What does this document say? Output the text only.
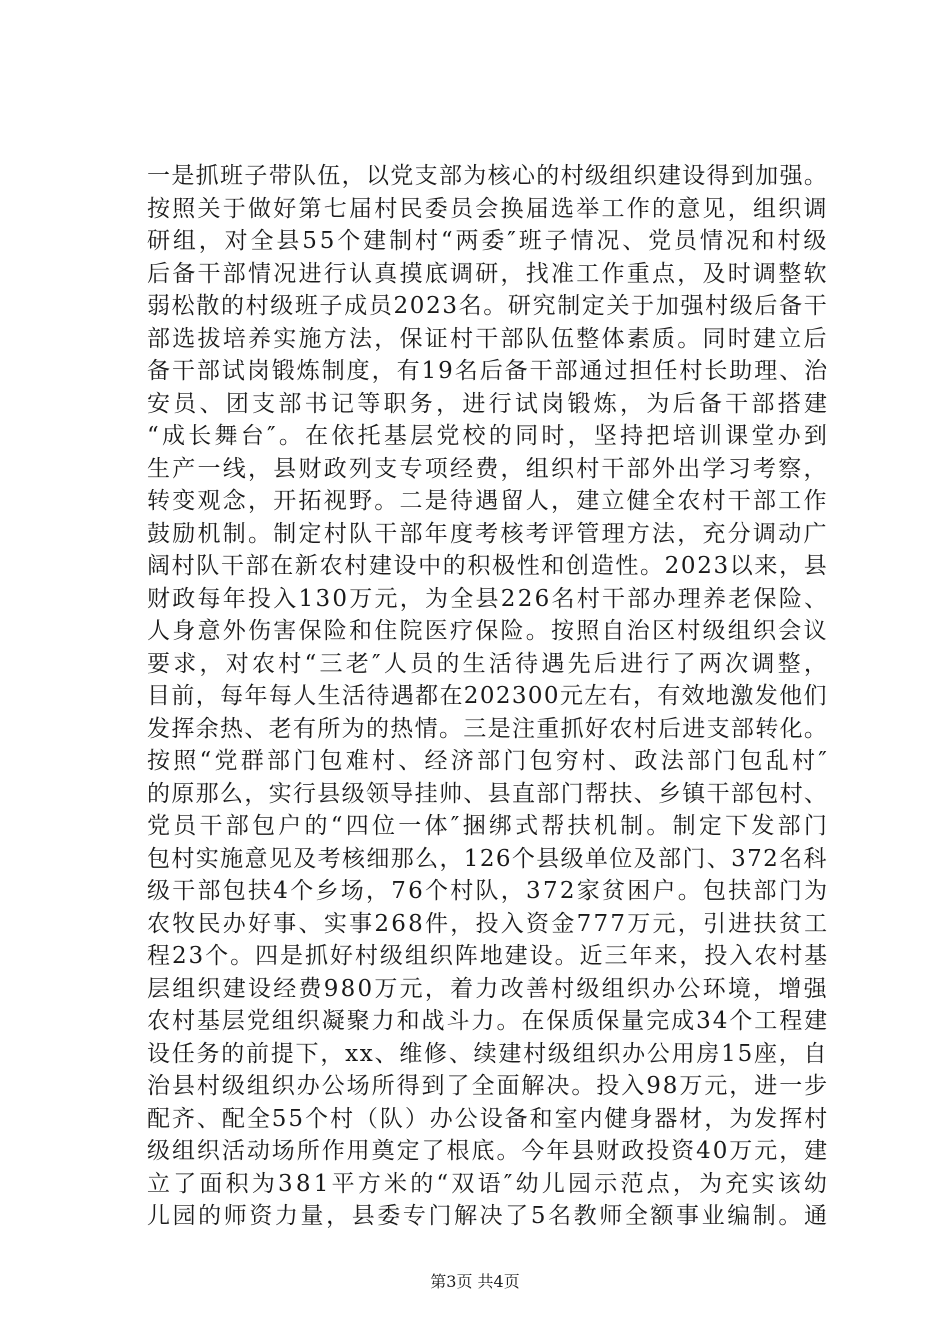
一是抓班子带队伍，以党支部为核心的村级组织建设得到加强。
按照关于做好第七届村民委员会换届选举工作的意见，组织调
研组，对全县55个建制村“两委″班子情况、党员情况和村级
后备干部情况进行认真摸底调研，找准工作重点，及时调整软
弱松散的村级班子成员2023名。研究制定关于加强村级后备干
部选拔培养实施方法，保证村干部队伍整体素质。同时建立后
备干部试岗锻炼制度，有19名后备干部通过担任村长助理、治
安员、团支部书记等职务，进行试岗锻炼，为后备干部搭建
“成长舞台″。在依托基层党校的同时，坚持把培训课堂办到
生产一线，县财政列支专项经费，组织村干部外出学习考察，
转变观念，开拓视野。二是待遇留人，建立健全农村干部工作
鼓励机制。制定村队干部年度考核考评管理方法，充分调动广
阔村队干部在新农村建设中的积极性和创造性。2023以来，县
财政每年投入130万元，为全县226名村干部办理养老保险、
人身意外伤害保险和住院医疗保险。按照自治区村级组织会议
要求，对农村“三老″人员的生活待遇先后进行了两次调整，
目前，每年每人生活待遇都在202300元左右，有效地激发他们
发挥余热、老有所为的热情。三是注重抓好农村后进支部转化。
按照“党群部门包难村、经济部门包穷村、政法部门包乱村″
的原那么，实行县级领导挂帅、县直部门帮扶、乡镇干部包村、
党员干部包户的“四位一体″捆绑式帮扶机制。制定下发部门
包村实施意见及考核细那么，126个县级单位及部门、372名科
级干部包扶4个乡场，76个村队，372家贫困户。包扶部门为
农牧民办好事、实事268件，投入资金777万元，引进扶贫工
程23个。四是抓好村级组织阵地建设。近三年来，投入农村基
层组织建设经费980万元，着力改善村级组织办公环境，增强
农村基层党组织凝聚力和战斗力。在保质保量完成34个工程建
设任务的前提下，xx、维修、续建村级组织办公用房15座，自
治县村级组织办公场所得到了全面解决。投入98万元，进一步
配齐、配全55个村（队）办公设备和室内健身器材，为发挥村
级组织活动场所作用奠定了根底。今年县财政投资40万元，建
立了面积为381平方米的“双语″幼儿园示范点，为充实该幼
儿园的师资力量，县委专门解决了5名教师全额事业编制。通
第3页 共4页
